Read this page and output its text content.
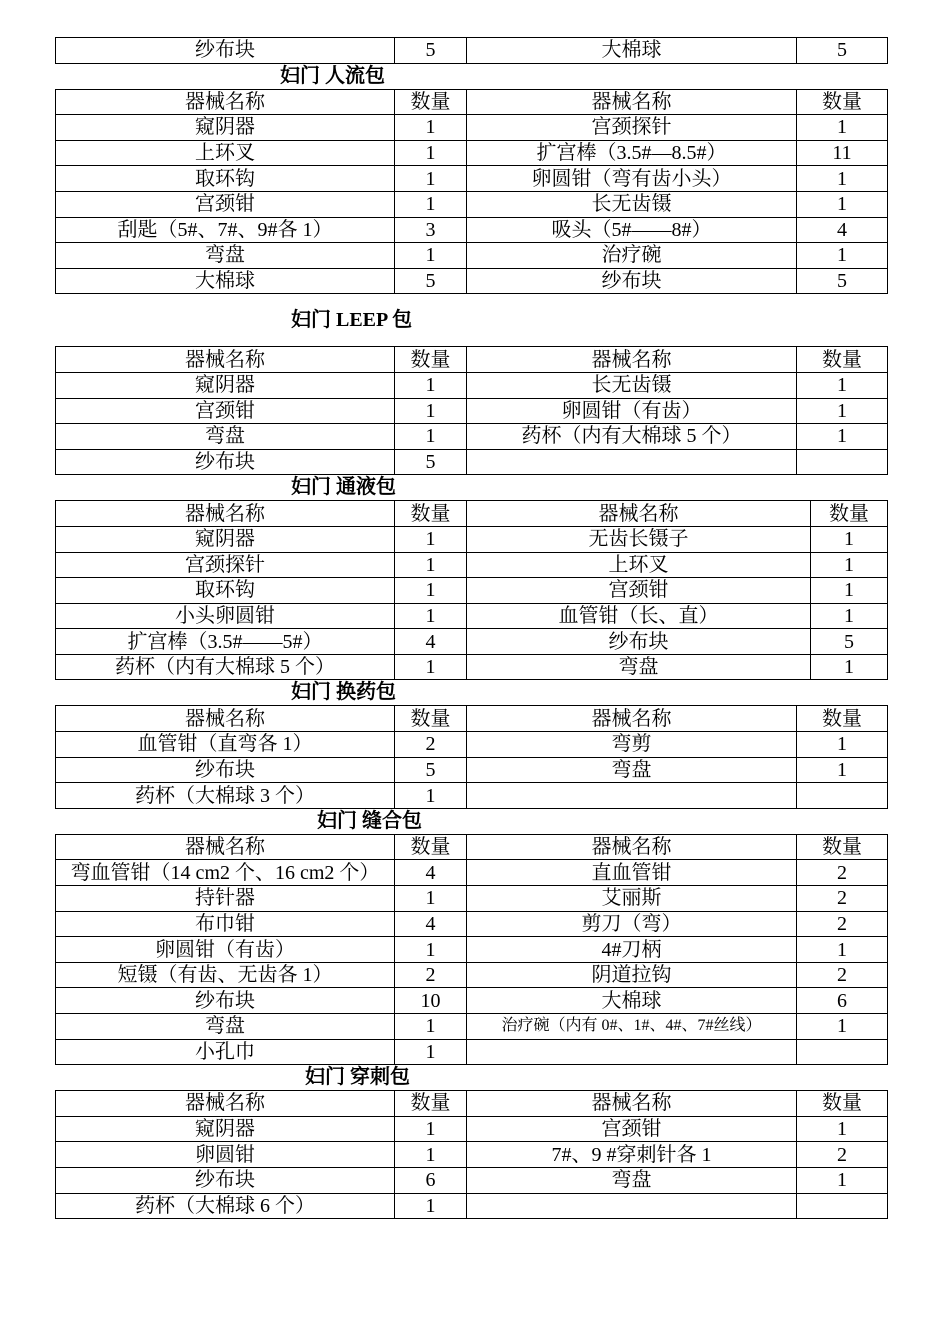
纱布块	5	大棉球	5
妇门 人流包
器械名称	数量	器械名称	数量
窥阴器	1	宫颈探针	1
上环叉	1	扩宫棒（3.5#—8.5#）	11
取环钩	1	卵圆钳（弯有齿小头）	1
宫颈钳	1	长无齿镊	1
刮匙（5#、7#、9#各 1）	3	吸头（5#——8#）	4
弯盘	1	治疗碗	1
大棉球	5	纱布块	5
妇门 LEEP 包
器械名称	数量	器械名称	数量
窥阴器	1	长无齿镊	1
宫颈钳	1	卵圆钳（有齿）	1
弯盘	1	药杯（内有大棉球 5 个）	1
纱布块	5		
妇门 通液包
器械名称	数量	器械名称	数量
窥阴器	1	无齿长镊子	1
宫颈探针	1	上环叉	1
取环钩	1	宫颈钳	1
小头卵圆钳	1	血管钳（长、直）	1
扩宫棒（3.5#——5#）	4	纱布块	5
药杯（内有大棉球 5 个）	1	弯盘	1
妇门 换药包
器械名称	数量	器械名称	数量
血管钳（直弯各 1）	2	弯剪	1
纱布块	5	弯盘	1
药杯（大棉球 3 个）	1		
妇门 缝合包
器械名称	数量	器械名称	数量
弯血管钳（14 cm2 个、16 cm2 个）	4	直血管钳	2
持针器	1	艾丽斯	2
布巾钳	4	剪刀（弯）	2
卵圆钳（有齿）	1	4#刀柄	1
短镊（有齿、无齿各 1）	2	阴道拉钩	2
纱布块	10	大棉球	6
弯盘	1	治疗碗（内有 0#、1#、4#、7#丝线）	1
小孔巾	1		
妇门 穿刺包
器械名称	数量	器械名称	数量
窥阴器	1	宫颈钳	1
卵圆钳	1	7#、9 #穿刺针各 1	2
纱布块	6	弯盘	1
药杯（大棉球 6 个）	1		
